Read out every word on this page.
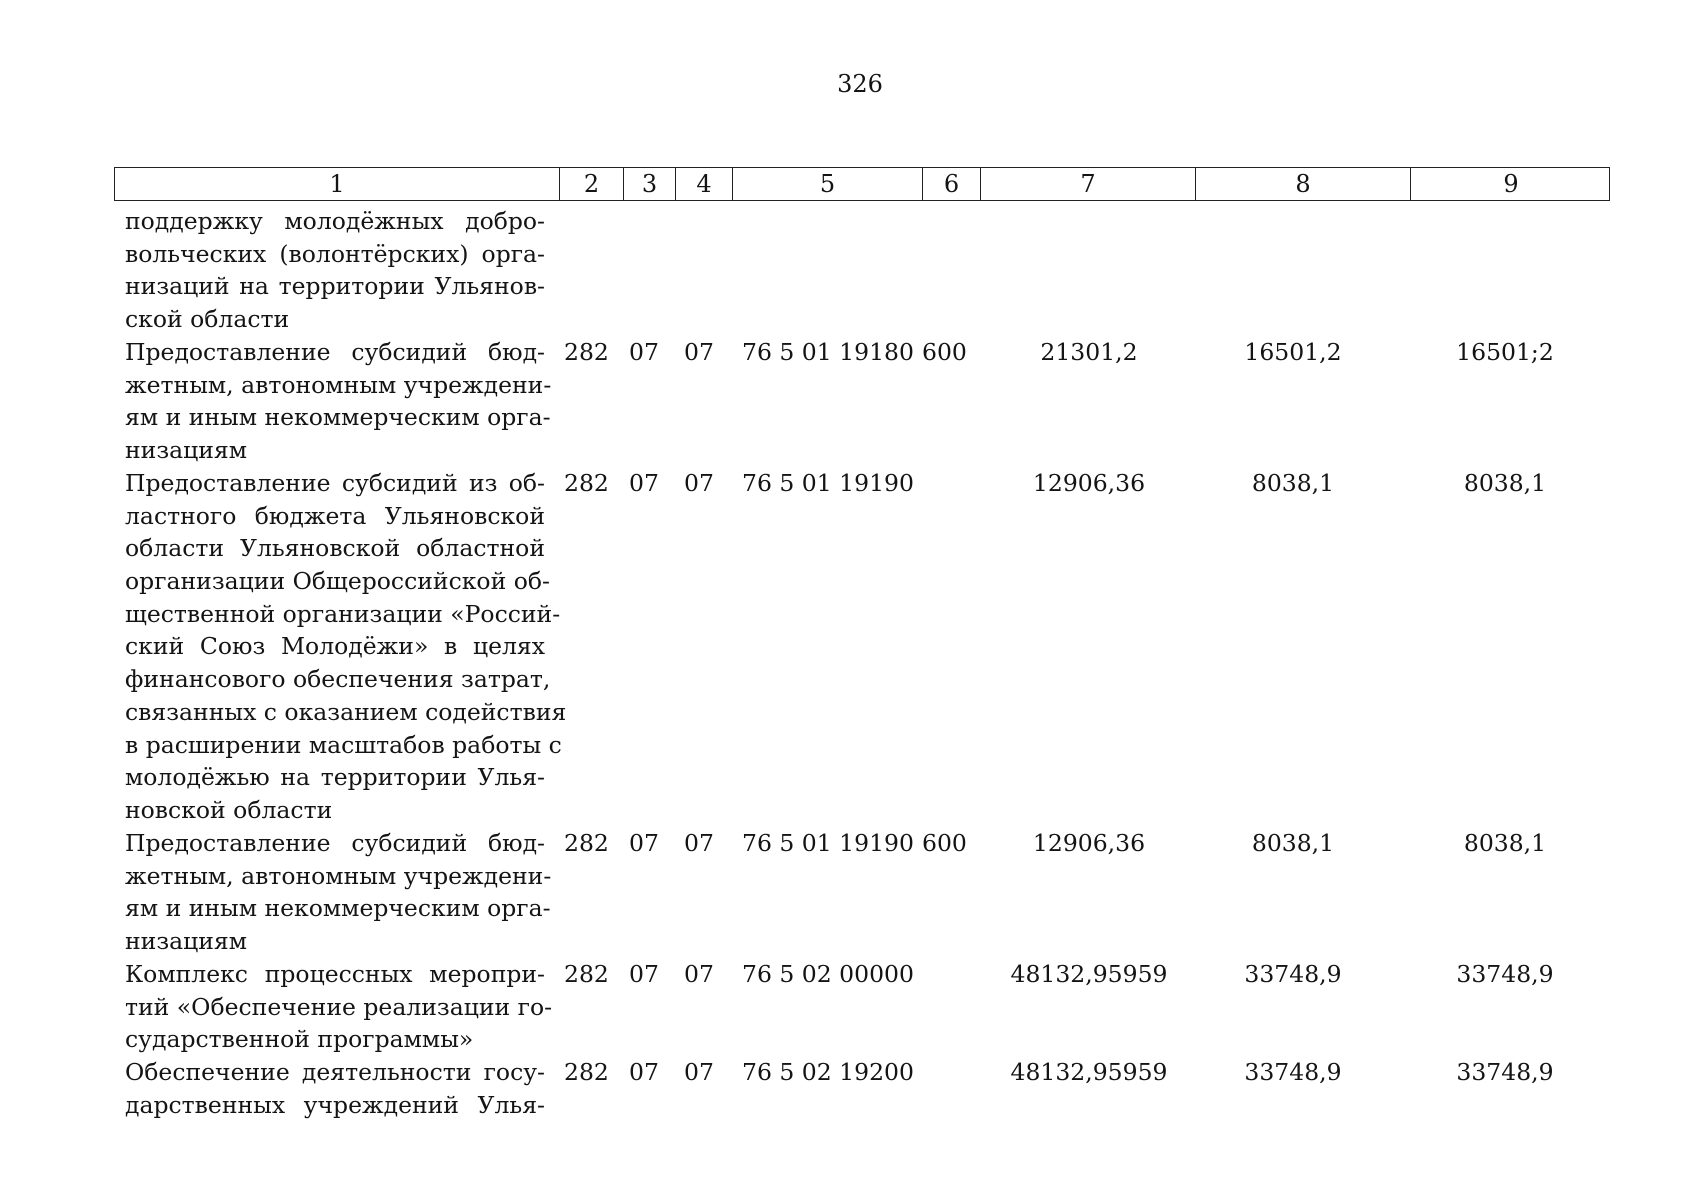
326
1	2	3	4	5	6	7	8	9
поддержку молодёжных добро-
вольческих (волонтёрских) орга-
низаций на территории Ульянов-
ской области
Предоставление субсидий бюд-
жетным, автономным учреждени-
ям и иным некоммерческим орга-
низациям
282 07 07 76 5 01 19180 600	21301,2	16501,2	16501;2
Предоставление субсидий из об-
ластного бюджета Ульяновской
области Ульяновской областной
организации Общероссийской об-
щественной организации «Россий-
ский Союз Молодёжи» в целях
финансового обеспечения затрат,
связанных с оказанием содействия
в расширении масштабов работы с
молодёжью на территории Улья-
новской области
282 07 07 76 5 01 19190	12906,36	8038,1	8038,1
Предоставление субсидий бюд-
жетным, автономным учреждени-
ям и иным некоммерческим орга-
низациям
282 07 07 76 5 01 19190 600	12906,36	8038,1	8038,1
Комплекс процессных меропри-
тий «Обеспечение реализации го-
сударственной программы»
282 07 07 76 5 02 00000	48132,95959	33748,9	33748,9
Обеспечение деятельности госу-
дарственных учреждений Улья-
282 07 07 76 5 02 19200	48132,95959	33748,9	33748,9
